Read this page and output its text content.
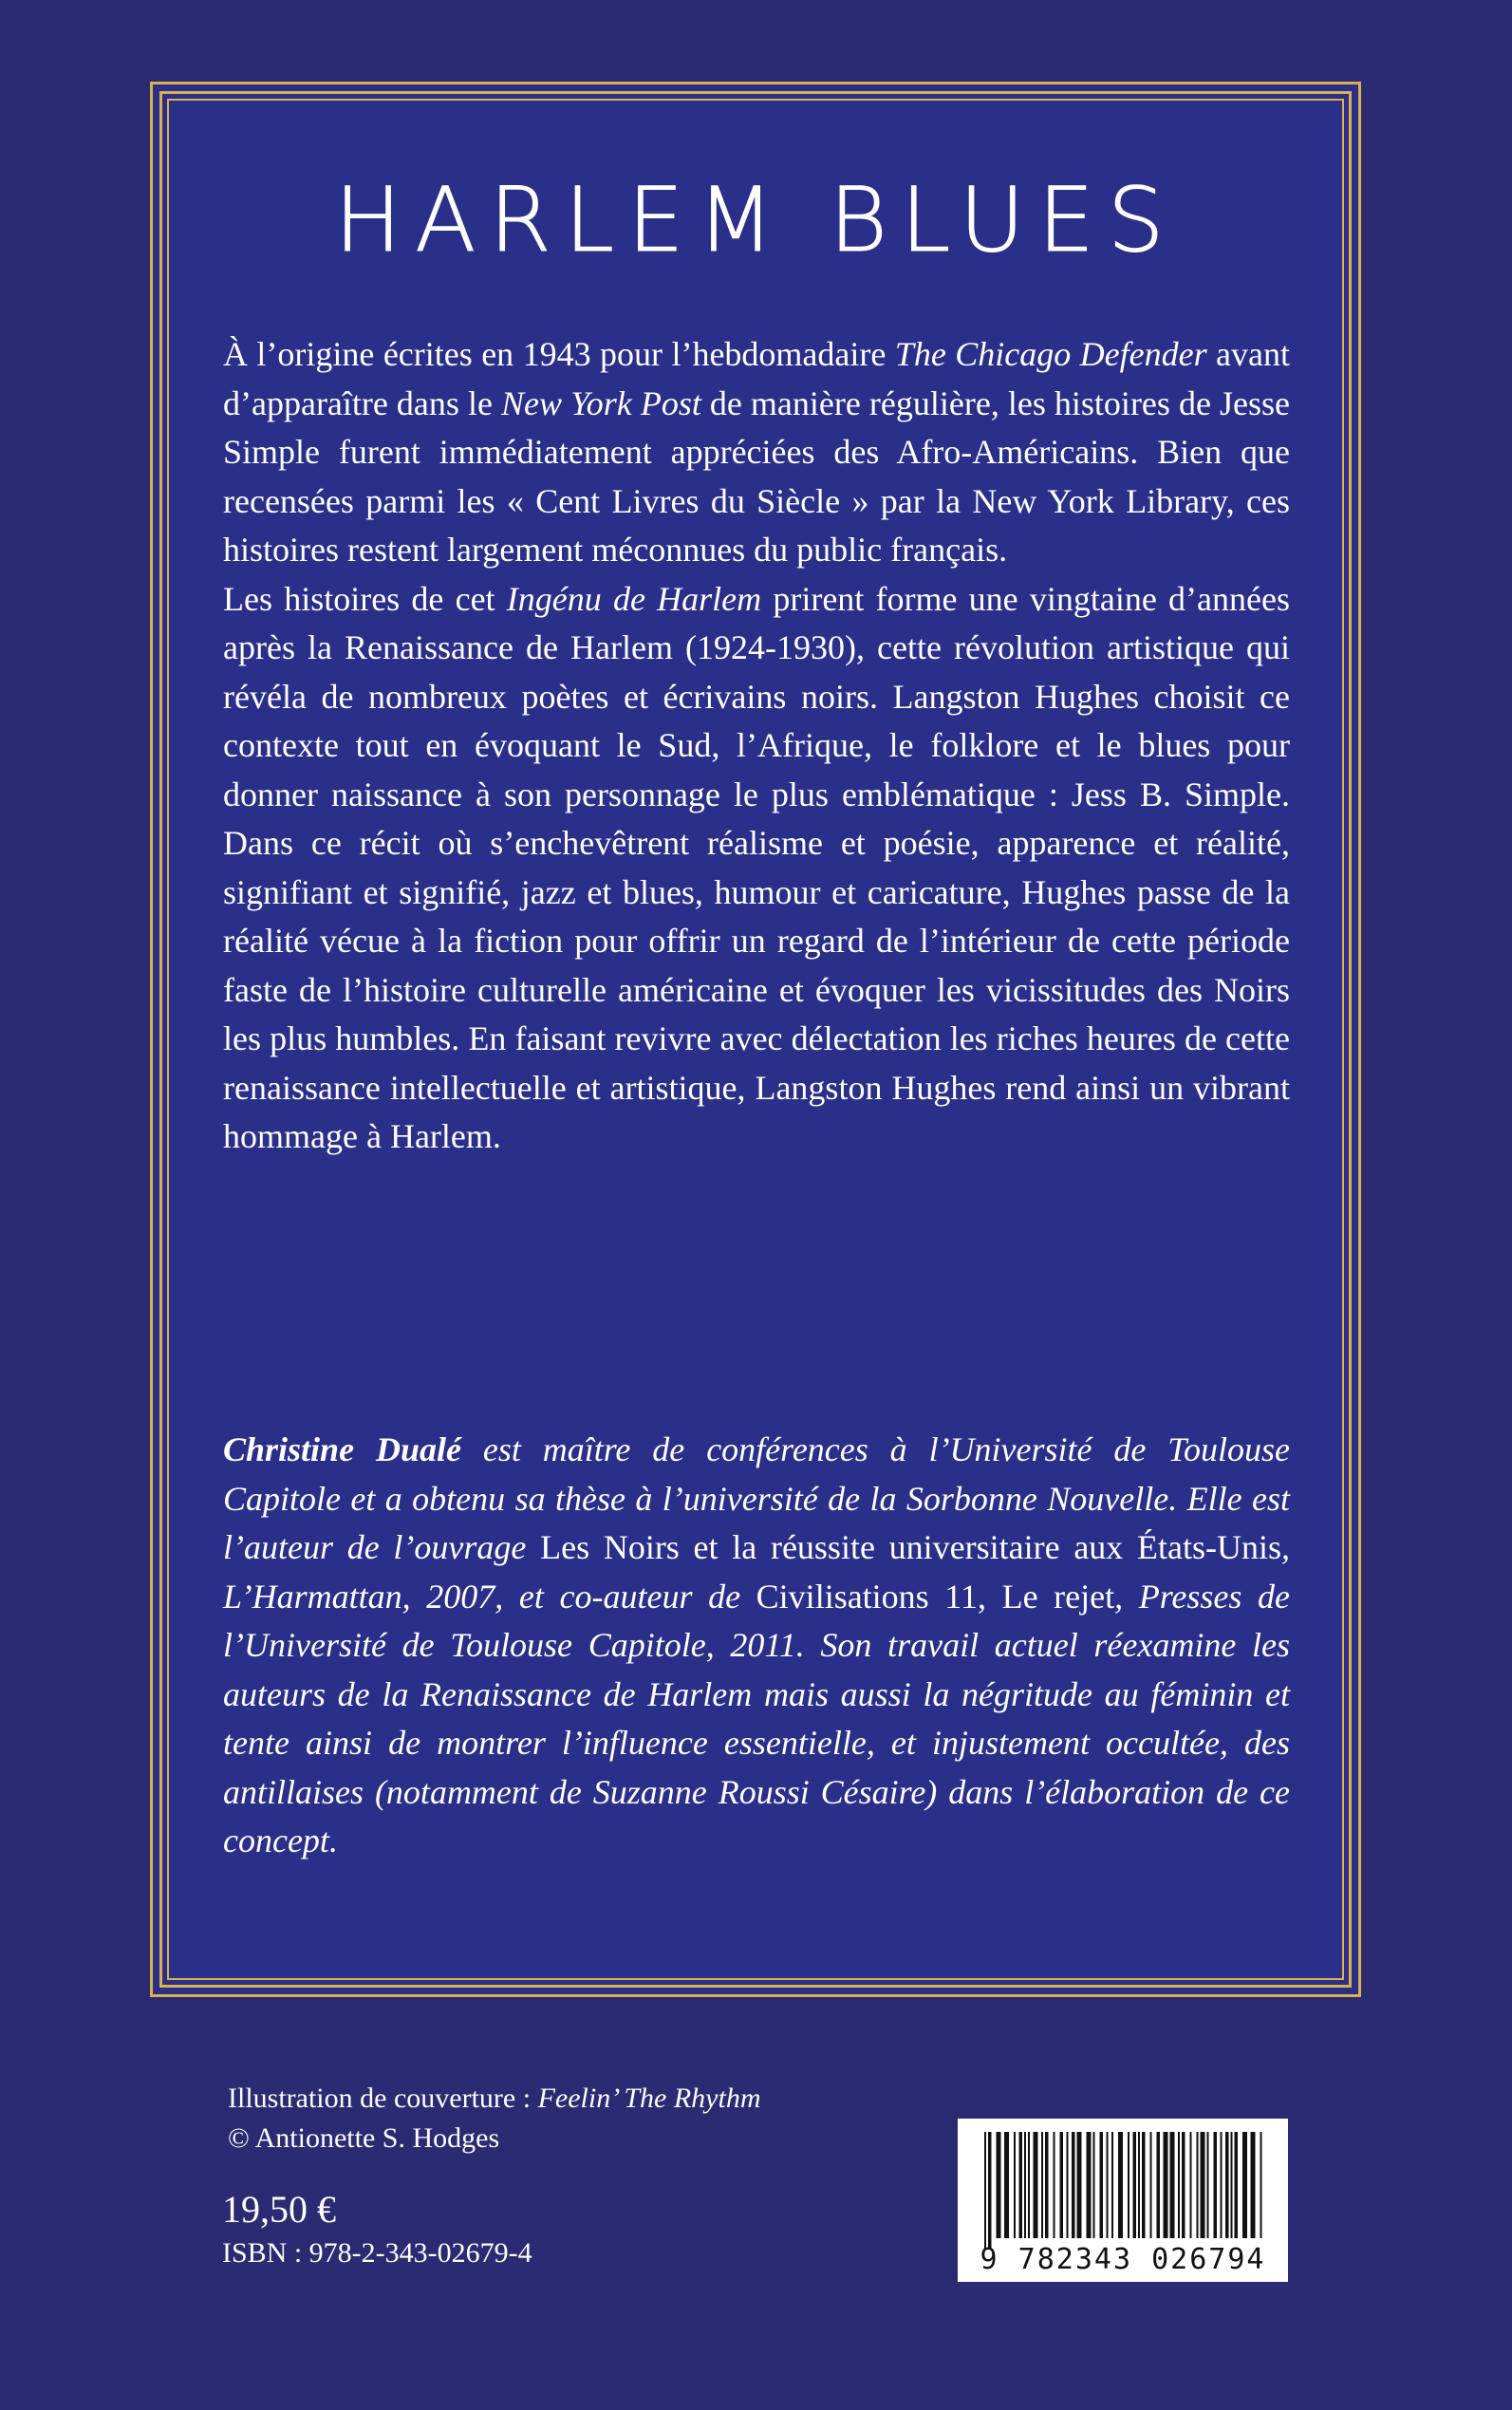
HARLEM BLUES

À l’origine écrites en 1943 pour l’hebdomadaire The Chicago Defender avant d’apparaître dans le New York Post de manière régulière, les histoires de Jesse Simple furent immédiatement appréciées des Afro-Américains. Bien que recensées parmi les « Cent Livres du Siècle » par la New York Library, ces histoires restent largement méconnues du public français.

Les histoires de cet Ingénu de Harlem prirent forme une vingtaine d’années après la Renaissance de Harlem (1924-1930), cette révolution artistique qui révéla de nombreux poètes et écrivains noirs. Langston Hughes choisit ce contexte tout en évoquant le Sud, l’Afrique, le folklore et le blues pour donner naissance à son personnage le plus emblématique : Jess B. Simple. Dans ce récit où s’enchevêtrent réalisme et poésie, apparence et réalité, signifiant et signifié, jazz et blues, humour et caricature, Hughes passe de la réalité vécue à la fiction pour offrir un regard de l’intérieur de cette période faste de l’histoire culturelle américaine et évoquer les vicissitudes des Noirs les plus humbles. En faisant revivre avec délectation les riches heures de cette renaissance intellectuelle et artistique, Langston Hughes rend ainsi un vibrant hommage à Harlem.

Christine Dualé est maître de conférences à l’Université de Toulouse Capitole et a obtenu sa thèse à l’université de la Sorbonne Nouvelle. Elle est l’auteur de l’ouvrage Les Noirs et la réussite universitaire aux États-Unis, L’Harmattan, 2007, et co-auteur de Civilisations 11, Le rejet, Presses de l’Université de Toulouse Capitole, 2011. Son travail actuel réexamine les auteurs de la Renaissance de Harlem mais aussi la négritude au féminin et tente ainsi de montrer l’influence essentielle, et injustement occultée, des antillaises (notamment de Suzanne Roussi Césaire) dans l’élaboration de ce concept.
Illustration de couverture : Feelin’ The Rhythm
© Antionette S. Hodges
19,50 €
ISBN : 978-2-343-02679-4	9 782343 026794
